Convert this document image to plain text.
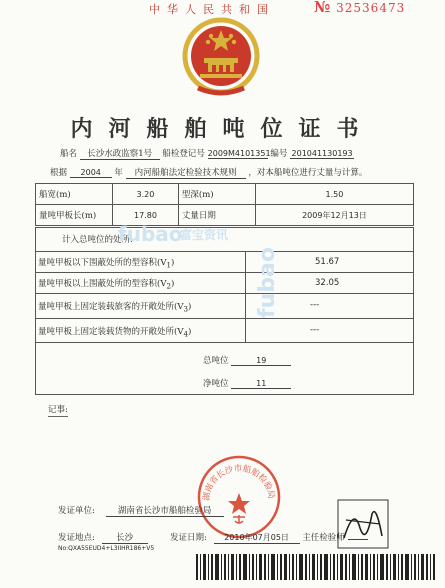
中华人民共和国	№ 32536473
内河船舶吨位证书
船名 长沙水政监察1号 船检登记号 2009M4101351 编号 201041130193
根据 2004 年 内河船舶法定检验技术规则 ，对本船吨位进行丈量与计算。
船宽(m)	3.20	型深(m)	1.50
量吨甲板长(m)	17.80	丈量日期	2009年12月13日
计入总吨位的处所:
量吨甲板以下围蔽处所的型容积$(V_1)$	51.67
量吨甲板以上围蔽处所的型容积$(V_2)$	32.05
量吨甲板上固定装载旅客的开敞处所$(V_3)$	---
量吨甲板上固定装载货物的开敞处所$(V_4)$	---
总吨位	19
净吨位	11
记事:
fubao
富宝资讯
fubao
湖南省长沙市船舶检验局
发证单位:	湖南省长沙市船舶检验局
发证地点: 长沙	发证日期: 2010年07月05日 主任检验师
No:QXA55EUD4+L3IIHR186+V5
